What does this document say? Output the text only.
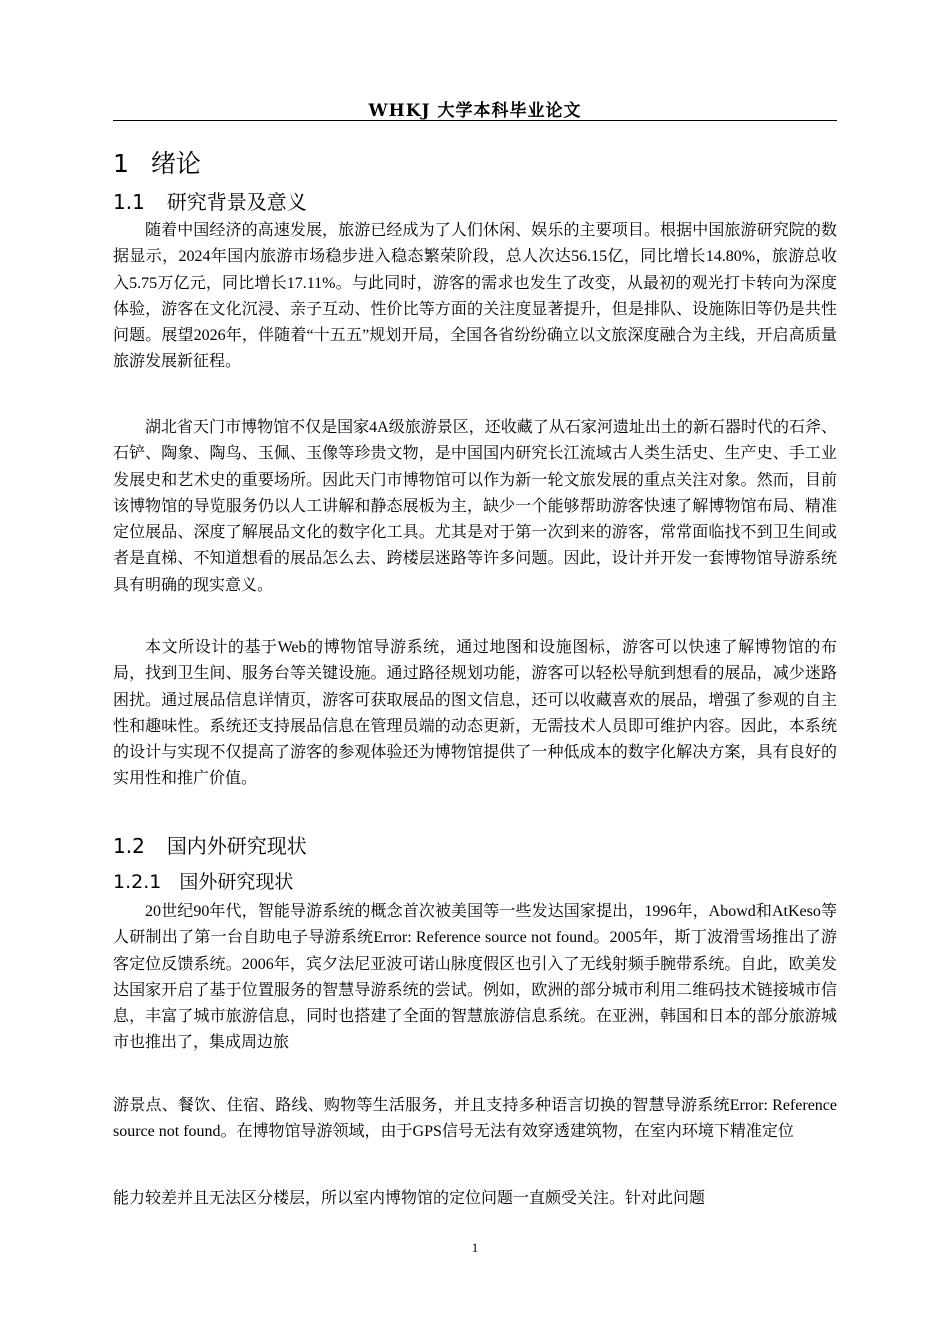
WHKJ 大学本科毕业论文
1 绪论
1.1 研究背景及意义

随着中国经济的高速发展，旅游已经成为了人们休闲、娱乐的主要项目。根据中国旅游研究院的数据显示，2024年国内旅游市场稳步进入稳态繁荣阶段，总人次达56.15亿，同比增长14.80%，旅游总收入5.75万亿元，同比增长17.11%。与此同时，游客的需求也发生了改变，从最初的观光打卡转向为深度体验，游客在文化沉浸、亲子互动、性价比等方面的关注度显著提升，但是排队、设施陈旧等仍是共性问题。展望2026年，伴随着“十五五”规划开局，全国各省纷纷确立以文旅深度融合为主线，开启高质量旅游发展新征程。

湖北省天门市博物馆不仅是国家4A级旅游景区，还收藏了从石家河遗址出土的新石器时代的石斧、石铲、陶象、陶鸟、玉佩、玉像等珍贵文物，是中国国内研究长江流域古人类生活史、生产史、手工业发展史和艺术史的重要场所。因此天门市博物馆可以作为新一轮文旅发展的重点关注对象。然而，目前该博物馆的导览服务仍以人工讲解和静态展板为主，缺少一个能够帮助游客快速了解博物馆布局、精准定位展品、深度了解展品文化的数字化工具。尤其是对于第一次到来的游客，常常面临找不到卫生间或者是直梯、不知道想看的展品怎么去、跨楼层迷路等许多问题。因此，设计并开发一套博物馆导游系统具有明确的现实意义。

本文所设计的基于Web的博物馆导游系统，通过地图和设施图标，游客可以快速了解博物馆的布局，找到卫生间、服务台等关键设施。通过路径规划功能，游客可以轻松导航到想看的展品，减少迷路困扰。通过展品信息详情页，游客可获取展品的图文信息，还可以收藏喜欢的展品，增强了参观的自主性和趣味性。系统还支持展品信息在管理员端的动态更新，无需技术人员即可维护内容。因此，本系统的设计与实现不仅提高了游客的参观体验还为博物馆提供了一种低成本的数字化解决方案，具有良好的实用性和推广价值。

1.2 国内外研究现状
1.2.1 国外研究现状

20世纪90年代，智能导游系统的概念首次被美国等一些发达国家提出，1996年，Abowd和AtKeso等人研制出了第一台自助电子导游系统Error: Reference source not found。2005年，斯丁波滑雪场推出了游客定位反馈系统。2006年，宾夕法尼亚波可诺山脉度假区也引入了无线射频手腕带系统。自此，欧美发达国家开启了基于位置服务的智慧导游系统的尝试。例如，欧洲的部分城市利用二维码技术链接城市信息，丰富了城市旅游信息，同时也搭建了全面的智慧旅游信息系统。在亚洲，韩国和日本的部分旅游城市也推出了，集成周边旅

游景点、餐饮、住宿、路线、购物等生活服务，并且支持多种语言切换的智慧导游系统Error: Reference source not found。在博物馆导游领域，由于GPS信号无法有效穿透建筑物，在室内环境下精准定位

能力较差并且无法区分楼层，所以室内博物馆的定位问题一直颇受关注。针对此问题

1
